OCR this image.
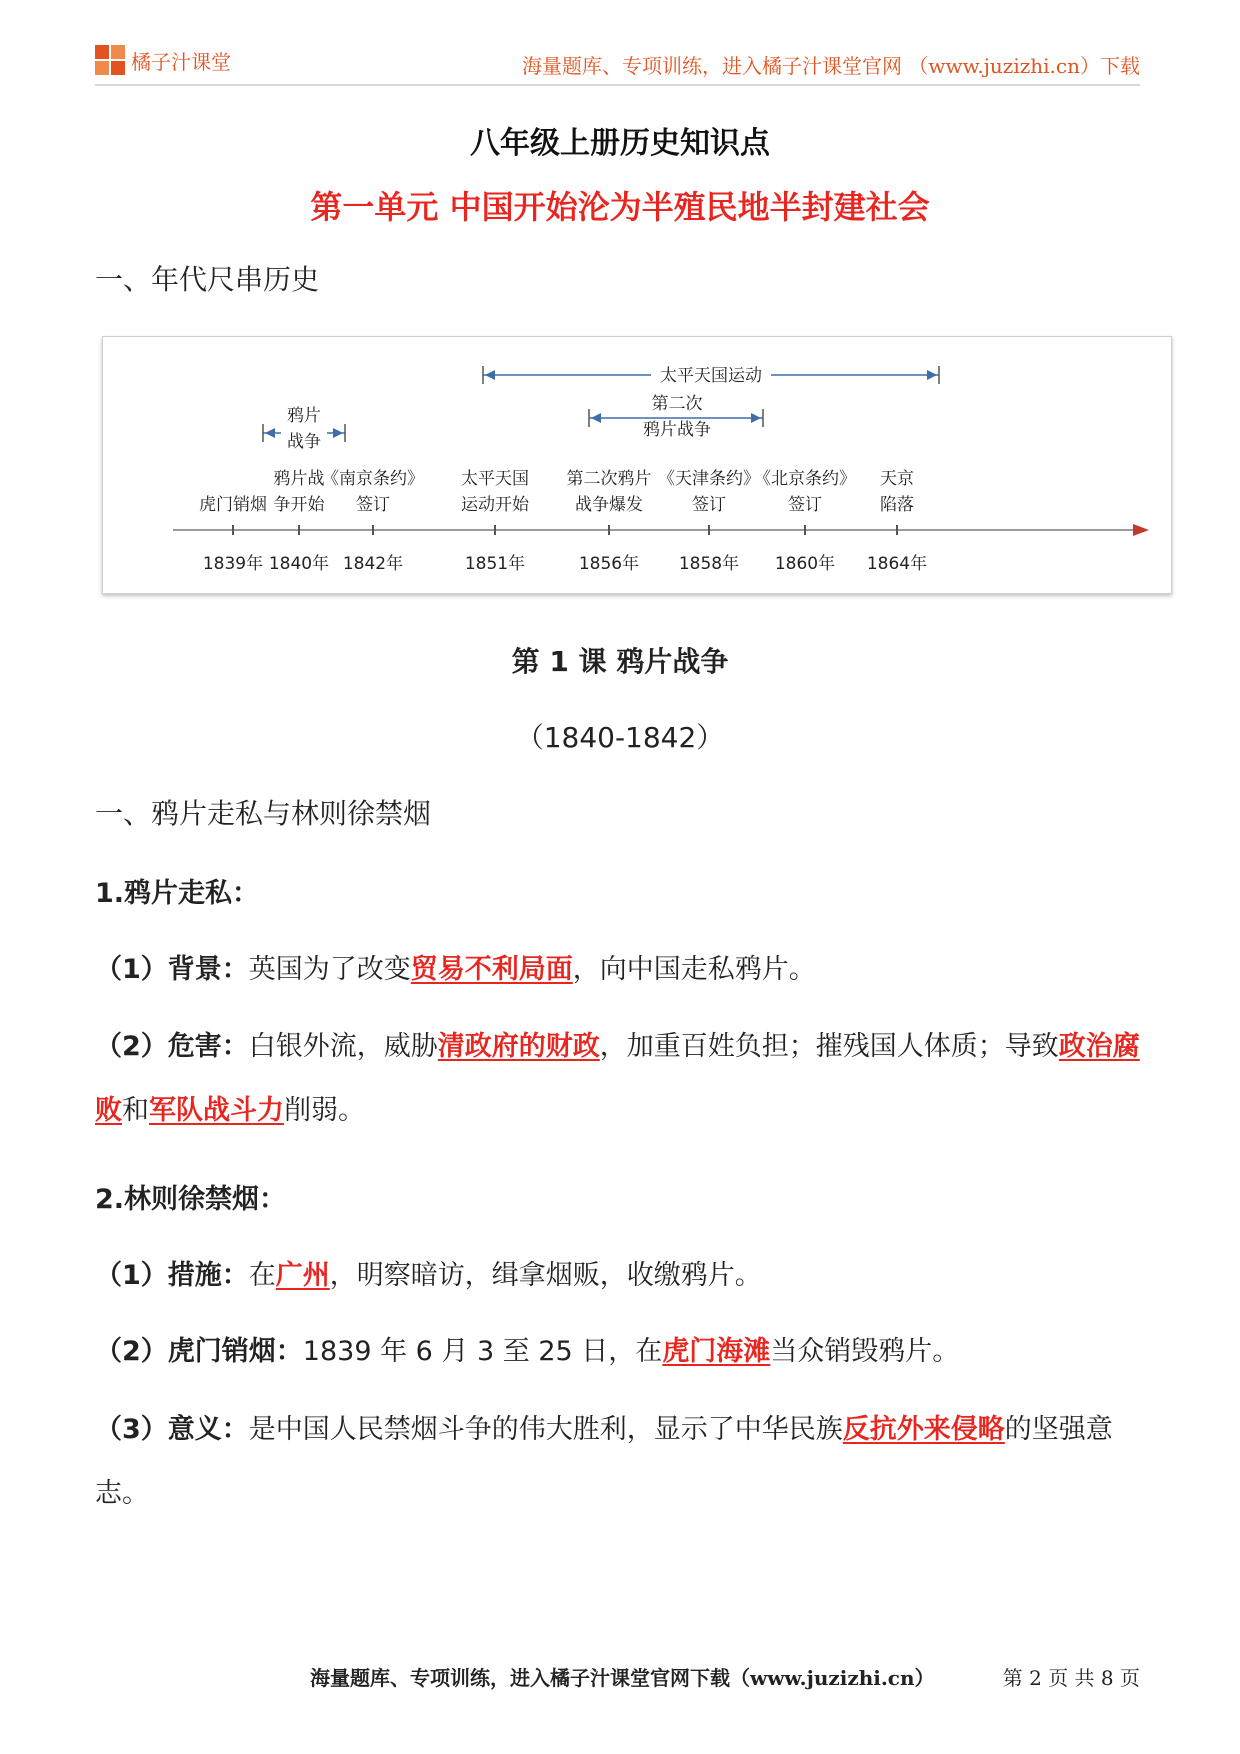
橘子汁课堂	海量题库、专项训练，进入橘子汁课堂官网 （www.juzizhi.cn）下载
八年级上册历史知识点
第一单元 中国开始沦为半殖民地半封建社会
一、年代尺串历史
1839年
虎门销烟
1840年
鸦片战
争开始
1842年
《南京条约》
签订
1851年
太平天国
运动开始
1856年
第二次鸦片
战争爆发
1858年
《天津条约》
签订
1860年
《北京条约》
签订
1864年
天京
陷落
太平天国运动
第二次
鸦片战争
鸦片
战争
第 1 课 鸦片战争
（1840-1842）
一、鸦片走私与林则徐禁烟
1.鸦片走私：
（1）背景：英国为了改变贸易不利局面，向中国走私鸦片。
（2）危害：白银外流，威胁清政府的财政，加重百姓负担；摧残国人体质；导致政治腐败和军队战斗力削弱。
2.林则徐禁烟：
（1）措施：在广州，明察暗访，缉拿烟贩，收缴鸦片。
（2）虎门销烟：1839 年 6 月 3 至 25 日，在虎门海滩当众销毁鸦片。
（3）意义：是中国人民禁烟斗争的伟大胜利，显示了中华民族反抗外来侵略的坚强意志。
海量题库、专项训练，进入橘子汁课堂官网下载（www.juzizhi.cn）	第 2 页 共 8 页
